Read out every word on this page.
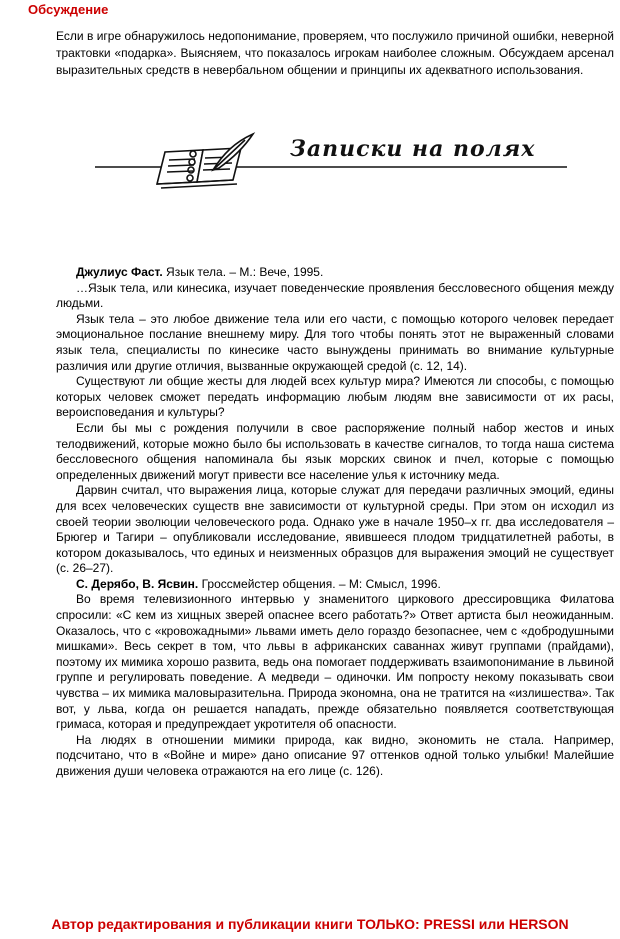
Обсуждение

Если в игре обнаружилось недопонимание, проверяем, что послужило причиной ошибки, неверной трактовки «подарка». Выясняем, что показалось игрокам наиболее сложным. Обсуждаем арсенал выразительных средств в невербальном общении и принципы их адекватного использования.

Записки на полях

Джулиус Фаст. Язык тела. – М.: Вече, 1995.

…Язык тела, или кинесика, изучает поведенческие проявления бессловесного общения между людьми.

Язык тела – это любое движение тела или его части, с помощью которого человек передает эмоциональное послание внешнему миру. Для того чтобы понять этот не выраженный словами язык тела, специалисты по кинесике часто вынуждены принимать во внимание культурные различия или другие отличия, вызванные окружающей средой (с. 12, 14).

Существуют ли общие жесты для людей всех культур мира? Имеются ли способы, с помощью которых человек сможет передать информацию любым людям вне зависимости от их расы, вероисповедания и культуры?

Если бы мы с рождения получили в свое распоряжение полный набор жестов и иных телодвижений, которые можно было бы использовать в качестве сигналов, то тогда наша система бессловесного общения напоминала бы язык морских свинок и пчел, которые с помощью определенных движений могут привести все население улья к источнику меда.

Дарвин считал, что выражения лица, которые служат для передачи различных эмоций, едины для всех человеческих существ вне зависимости от культурной среды. При этом он исходил из своей теории эволюции человеческого рода. Однако уже в начале 1950–х гг. два исследователя – Брюгер и Тагири – опубликовали исследование, явившееся плодом тридцатилетней работы, в котором доказывалось, что единых и неизменных образцов для выражения эмоций не существует (с. 26–27).

С. Дерябо, В. Ясвин. Гроссмейстер общения. – М: Смысл, 1996.

Во время телевизионного интервью у знаменитого циркового дрессировщика Филатова спросили: «С кем из хищных зверей опаснее всего работать?» Ответ артиста был неожиданным. Оказалось, что с «кровожадными» львами иметь дело гораздо безопаснее, чем с «добродушными мишками». Весь секрет в том, что львы в африканских саваннах живут группами (прайдами), поэтому их мимика хорошо развита, ведь она помогает поддерживать взаимопонимание в львиной группе и регулировать поведение. А медведи – одиночки. Им попросту некому показывать свои чувства – их мимика маловыразительна. Природа экономна, она не тратится на «излишества». Так вот, у льва, когда он решается нападать, прежде обязательно появляется соответствующая гримаса, которая и предупреждает укротителя об опасности.

На людях в отношении мимики природа, как видно, экономить не стала. Например, подсчитано, что в «Войне и мире» дано описание 97 оттенков одной только улыбки! Малейшие движения души человека отражаются на его лице (с. 126).

Автор редактирования и публикации книги ТОЛЬКО: PRESSI или HERSON
